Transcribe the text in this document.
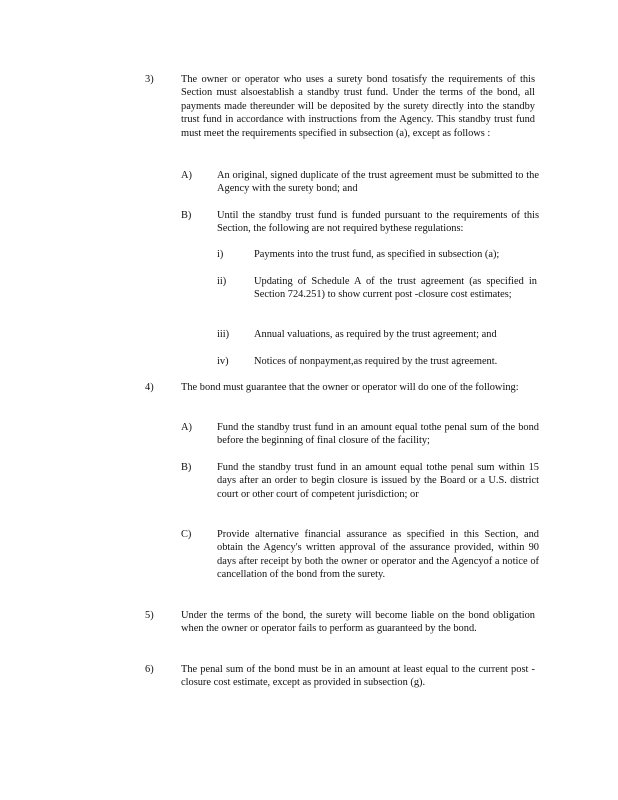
3)	The owner or operator who uses a surety bond tosatisfy the requirements of this Section must alsoestablish a standby trust fund. Under the terms of the bond, all payments made thereunder will be deposited by the surety directly into the standby trust fund in accordance with instructions from the Agency. This standby trust fund must meet the requirements specified in subsection (a), except as follows :

A) An original, signed duplicate of the trust agreement must be submitted to the Agency with the surety bond; and

B) Until the standby trust fund is funded pursuant to the requirements of this Section, the following are not required bythese regulations:

i)	Payments into the trust fund, as specified in subsection (a);

ii)	Updating of Schedule A of the trust agreement (as specified in Section 724.251) to show current post -closure cost estimates;

iii) Annual valuations, as required by the trust agreement; and

iv) Notices of nonpayment,as required by the trust agreement.

4)	The bond must guarantee that the owner or operator will do one of the following:

A) Fund the standby trust fund in an amount equal tothe penal sum of the bond before the beginning of final closure of the facility;

B) Fund the standby trust fund in an amount equal tothe penal sum within 15 days after an order to begin closure is issued by the Board or a U.S. district court or other court of competent jurisdiction; or

C) Provide alternative financial assurance as specified in this Section, and obtain the Agency's written approval of the assurance provided, within 90 days after receipt by both the owner or operator and the Agencyof a notice of cancellation of the bond from the surety.

5)	Under the terms of the bond, the surety will become liable on the bond obligation when the owner or operator fails to perform as guaranteed by the bond.

6)	The penal sum of the bond must be in an amount at least equal to the current post -closure cost estimate, except as provided in subsection (g).
